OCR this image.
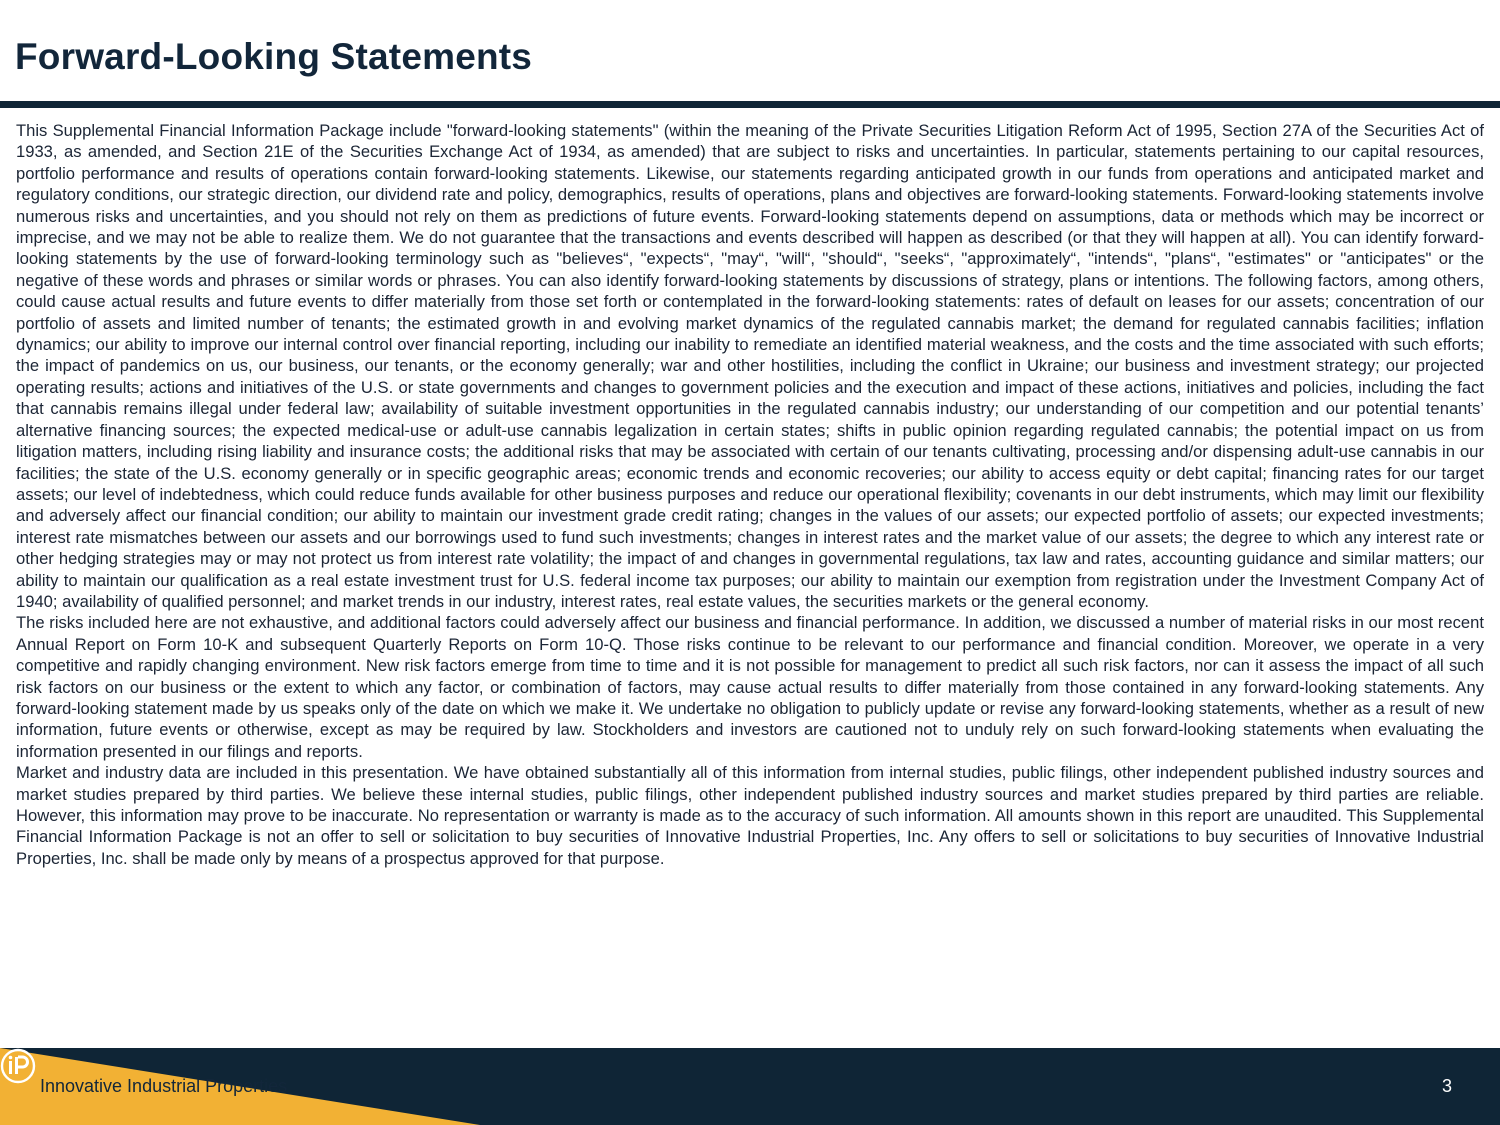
Forward-Looking Statements

This Supplemental Financial Information Package include "forward-looking statements" (within the meaning of the Private Securities Litigation Reform Act of 1995, Section 27A of the Securities Act of 1933, as amended, and Section 21E of the Securities Exchange Act of 1934, as amended) that are subject to risks and uncertainties. In particular, statements pertaining to our capital resources, portfolio performance and results of operations contain forward-looking statements. Likewise, our statements regarding anticipated growth in our funds from operations and anticipated market and regulatory conditions, our strategic direction, our dividend rate and policy, demographics, results of operations, plans and objectives are forward-looking statements. Forward-looking statements involve numerous risks and uncertainties, and you should not rely on them as predictions of future events. Forward-looking statements depend on assumptions, data or methods which may be incorrect or imprecise, and we may not be able to realize them. We do not guarantee that the transactions and events described will happen as described (or that they will happen at all). You can identify forward-looking statements by the use of forward-looking terminology such as "believes“, "expects“, "may“, "will“, "should“, "seeks“, "approximately“, "intends“, "plans“, "estimates" or "anticipates" or the negative of these words and phrases or similar words or phrases. You can also identify forward-looking statements by discussions of strategy, plans or intentions. The following factors, among others, could cause actual results and future events to differ materially from those set forth or contemplated in the forward-looking statements: rates of default on leases for our assets; concentration of our portfolio of assets and limited number of tenants; the estimated growth in and evolving market dynamics of the regulated cannabis market; the demand for regulated cannabis facilities; inflation dynamics; our ability to improve our internal control over financial reporting, including our inability to remediate an identified material weakness, and the costs and the time associated with such efforts; the impact of pandemics on us, our business, our tenants, or the economy generally; war and other hostilities, including the conflict in Ukraine; our business and investment strategy; our projected operating results; actions and initiatives of the U.S. or state governments and changes to government policies and the execution and impact of these actions, initiatives and policies, including the fact that cannabis remains illegal under federal law; availability of suitable investment opportunities in the regulated cannabis industry; our understanding of our competition and our potential tenants’ alternative financing sources; the expected medical-use or adult-use cannabis legalization in certain states; shifts in public opinion regarding regulated cannabis; the potential impact on us from litigation matters, including rising liability and insurance costs; the additional risks that may be associated with certain of our tenants cultivating, processing and/or dispensing adult-use cannabis in our facilities; the state of the U.S. economy generally or in specific geographic areas; economic trends and economic recoveries; our ability to access equity or debt capital; financing rates for our target assets; our level of indebtedness, which could reduce funds available for other business purposes and reduce our operational flexibility; covenants in our debt instruments, which may limit our flexibility and adversely affect our financial condition; our ability to maintain our investment grade credit rating; changes in the values of our assets; our expected portfolio of assets; our expected investments; interest rate mismatches between our assets and our borrowings used to fund such investments; changes in interest rates and the market value of our assets; the degree to which any interest rate or other hedging strategies may or may not protect us from interest rate volatility; the impact of and changes in governmental regulations, tax law and rates, accounting guidance and similar matters; our ability to maintain our qualification as a real estate investment trust for U.S. federal income tax purposes; our ability to maintain our exemption from registration under the Investment Company Act of 1940; availability of qualified personnel; and market trends in our industry, interest rates, real estate values, the securities markets or the general economy.

The risks included here are not exhaustive, and additional factors could adversely affect our business and financial performance. In addition, we discussed a number of material risks in our most recent Annual Report on Form 10-K and subsequent Quarterly Reports on Form 10-Q. Those risks continue to be relevant to our performance and financial condition. Moreover, we operate in a very competitive and rapidly changing environment. New risk factors emerge from time to time and it is not possible for management to predict all such risk factors, nor can it assess the impact of all such risk factors on our business or the extent to which any factor, or combination of factors, may cause actual results to differ materially from those contained in any forward-looking statements. Any forward-looking statement made by us speaks only of the date on which we make it. We undertake no obligation to publicly update or revise any forward-looking statements, whether as a result of new information, future events or otherwise, except as may be required by law. Stockholders and investors are cautioned not to unduly rely on such forward-looking statements when evaluating the information presented in our filings and reports.

Market and industry data are included in this presentation. We have obtained substantially all of this information from internal studies, public filings, other independent published industry sources and market studies prepared by third parties. We believe these internal studies, public filings, other independent published industry sources and market studies prepared by third parties are reliable. However, this information may prove to be inaccurate. No representation or warranty is made as to the accuracy of such information. All amounts shown in this report are unaudited. This Supplemental Financial Information Package is not an offer to sell or solicitation to buy securities of Innovative Industrial Properties, Inc. Any offers to sell or solicitations to buy securities of Innovative Industrial Properties, Inc. shall be made only by means of a prospectus approved for that purpose.

Innovative Industrial Properties	3
